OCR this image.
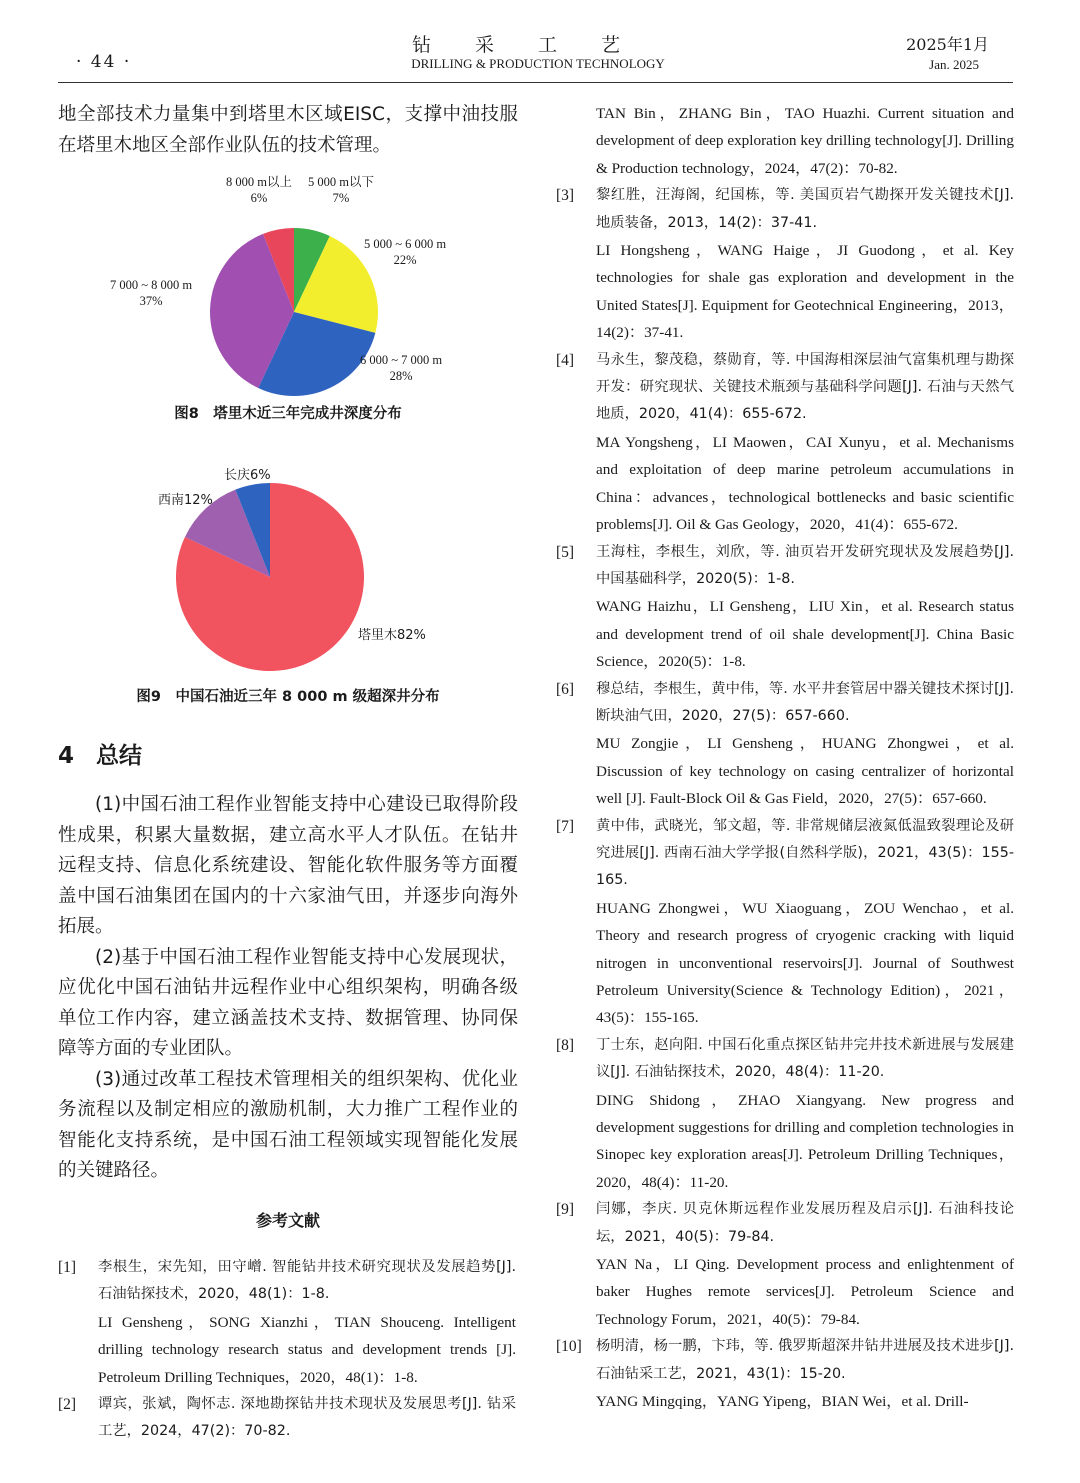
· 44 ·
钻采工艺
DRILLING & PRODUCTION TECHNOLOGY
2025年1月
Jan. 2025

地全部技术力量集中到塔里木区域EISC，支撑中油技服在塔里木地区全部作业队伍的技术管理。

8 000 m以上
6%
5 000 m以下
7%
5 000 ~ 6 000 m
22%
6 000 ~ 7 000 m
28%
7 000 ~ 8 000 m
37%
图8　塔里木近三年完成井深度分布
长庆6%
西南12%
塔里木82%
图9　中国石油近三年 8 000 m 级超深井分布
4 总结

(1)中国石油工程作业智能支持中心建设已取得阶段性成果，积累大量数据，建立高水平人才队伍。在钻井远程支持、信息化系统建设、智能化软件服务等方面覆盖中国石油集团在国内的十六家油气田，并逐步向海外拓展。

(2)基于中国石油工程作业智能支持中心发展现状，应优化中国石油钻井远程作业中心组织架构，明确各级单位工作内容，建立涵盖技术支持、数据管理、协同保障等方面的专业团队。

(3)通过改革工程技术管理相关的组织架构、优化业务流程以及制定相应的激励机制，大力推广工程作业的智能化支持系统，是中国石油工程领域实现智能化发展的关键路径。

参考文献
[1]	李根生，宋先知，田守嶒. 智能钻井技术研究现状及发展趋势[J]. 石油钻探技术，2020，48(1)：1-8.
LI Gensheng，SONG Xianzhi，TIAN Shouceng. Intelligent drilling technology research status and development trends [J]. Petroleum Drilling Techniques，2020，48(1)：1-8.
[2]	谭宾，张斌，陶怀志. 深地勘探钻井技术现状及发展思考[J]. 钻采工艺，2024，47(2)：70-82.
TAN Bin，ZHANG Bin，TAO Huazhi. Current situation and development of deep exploration key drilling technology[J]. Drilling & Production technology，2024，47(2)：70-82.
[3]	黎红胜，汪海阁，纪国栋，等. 美国页岩气勘探开发关键技术[J]. 地质装备，2013，14(2)：37-41.
LI Hongsheng，WANG Haige，JI Guodong，et al. Key technologies for shale gas exploration and development in the United States[J]. Equipment for Geotechnical Engineering，2013，14(2)：37-41.
[4]	马永生，黎茂稳，蔡勋育，等. 中国海相深层油气富集机理与勘探开发：研究现状、关键技术瓶颈与基础科学问题[J]. 石油与天然气地质，2020，41(4)：655-672.
MA Yongsheng，LI Maowen，CAI Xunyu，et al. Mechanisms and exploitation of deep marine petroleum accumulations in China：advances，technological bottlenecks and basic scientific problems[J]. Oil & Gas Geology，2020，41(4)：655-672.
[5]	王海柱，李根生，刘欣，等. 油页岩开发研究现状及发展趋势[J]. 中国基础科学，2020(5)：1-8.
WANG Haizhu，LI Gensheng，LIU Xin，et al. Research status and development trend of oil shale development[J]. China Basic Science，2020(5)：1-8.
[6]	穆总结，李根生，黄中伟，等. 水平井套管居中器关键技术探讨[J]. 断块油气田，2020，27(5)：657-660.
MU Zongjie，LI Gensheng，HUANG Zhongwei，et al. Discussion of key technology on casing centralizer of horizontal well [J]. Fault-Block Oil & Gas Field，2020，27(5)：657-660.
[7]	黄中伟，武晓光，邹文超，等. 非常规储层液氮低温致裂理论及研究进展[J]. 西南石油大学学报(自然科学版)，2021，43(5)：155-165.
HUANG Zhongwei，WU Xiaoguang，ZOU Wenchao，et al. Theory and research progress of cryogenic cracking with liquid nitrogen in unconventional reservoirs[J]. Journal of Southwest Petroleum University(Science & Technology Edition)，2021，43(5)：155-165.
[8]	丁士东，赵向阳. 中国石化重点探区钻井完井技术新进展与发展建议[J]. 石油钻探技术，2020，48(4)：11-20.
DING Shidong，ZHAO Xiangyang. New progress and development suggestions for drilling and completion technologies in Sinopec key exploration areas[J]. Petroleum Drilling Techniques，2020，48(4)：11-20.
[9]	闫娜，李庆. 贝克休斯远程作业发展历程及启示[J]. 石油科技论坛，2021，40(5)：79-84.
YAN Na，LI Qing. Development process and enlightenment of baker Hughes remote services[J]. Petroleum Science and Technology Forum，2021，40(5)：79-84.
[10] 杨明清，杨一鹏，卞玮，等. 俄罗斯超深井钻井进展及技术进步[J]. 石油钻采工艺，2021，43(1)：15-20.
YANG Mingqing，YANG Yipeng，BIAN Wei，et al. Drill-
